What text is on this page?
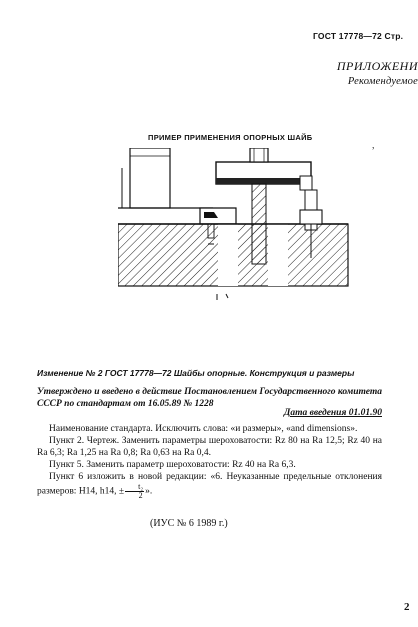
ГОСТ 17778—72 Стр.
ПРИЛОЖЕНИ
Рекомендуемое
,
ПРИМЕР ПРИМЕНЕНИЯ ОПОРНЫХ ШАЙБ
Изменение № 2 ГОСТ 17778—72 Шайбы опорные. Конструкция и размеры
Утверждено и введено в действие Постановлением Государственного комитета СССР по стандартам от 16.05.89 № 1228
Дата введения 01.01.90

Наименование стандарта. Исключить слова: «и размеры», «and dimensions».

Пункт 2. Чертеж. Заменить параметры шероховатости: Rz 80 на Ra 12,5; Rz 40 на Ra 6,3; Ra 1,25 на Ra 0,8; Ra 0,63 на Ra 0,4.

Пункт 5. Заменить параметр шероховатости: Rz 40 на Ra 6,3.

Пункт 6 изложить в новой редакции: «6. Неуказанные предельные отклонения размеров: H14, h14, ± $\frac{\text{t₂}}{2}$ ».

(ИУС № 6 1989 г.)
2
